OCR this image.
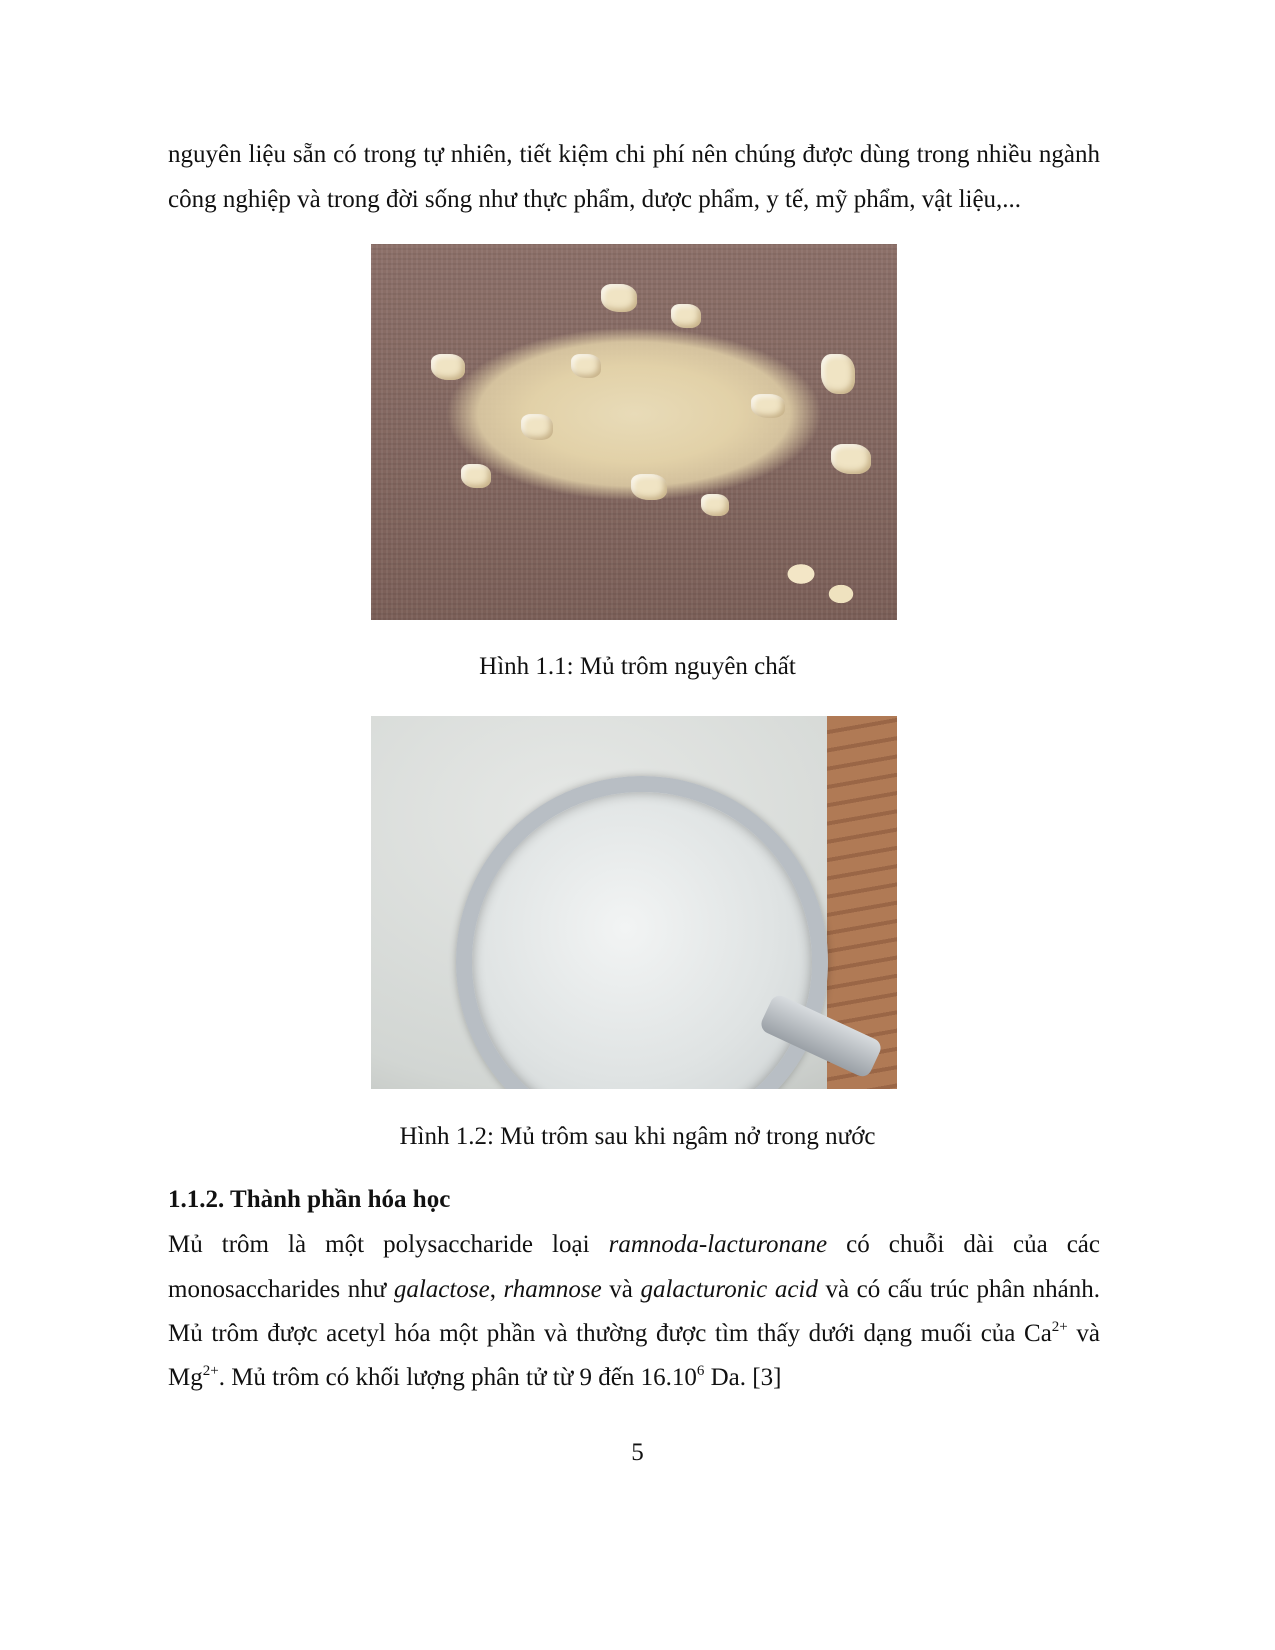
nguyên liệu sẵn có trong tự nhiên, tiết kiệm chi phí nên chúng được dùng trong nhiều ngành
công nghiệp và trong đời sống như thực phẩm, dược phẩm, y tế, mỹ phẩm, vật liệu,...
Hình 1.1: Mủ trôm nguyên chất
Hình 1.2: Mủ trôm sau khi ngâm nở trong nước
1.1.2. Thành phần hóa học
Mủ trôm là một polysaccharide loại ramnoda-lacturonane có chuỗi dài của các
monosaccharides như galactose, rhamnose và galacturonic acid và có cấu trúc phân nhánh.
Mủ trôm được acetyl hóa một phần và thường được tìm thấy dưới dạng muối của $Ca^{2+}$ và
$Mg^{2+}$. Mủ trôm có khối lượng phân tử từ 9 đến 16.10$^6$ Da. [3]
5
